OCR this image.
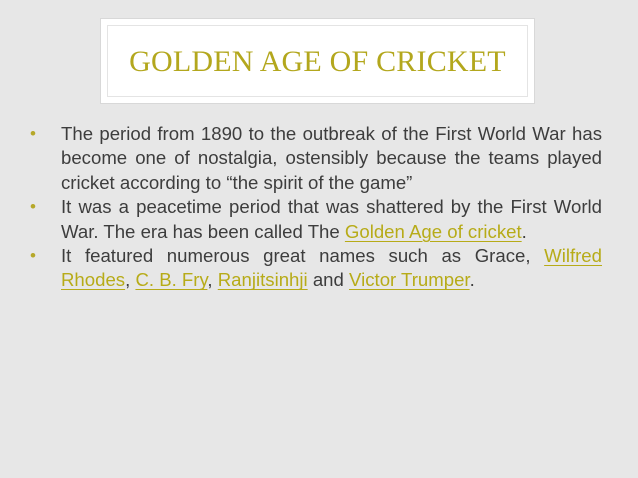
GOLDEN AGE OF CRICKET

• The period from 1890 to the outbreak of the First World War has become one of nostalgia, ostensibly because the teams played cricket according to “the spirit of the game”

• It was a peacetime period that was shattered by the First World War. The era has been called The Golden Age of cricket.

• It featured numerous great names such as Grace, Wilfred Rhodes, C. B. Fry, Ranjitsinhji and Victor Trumper.
